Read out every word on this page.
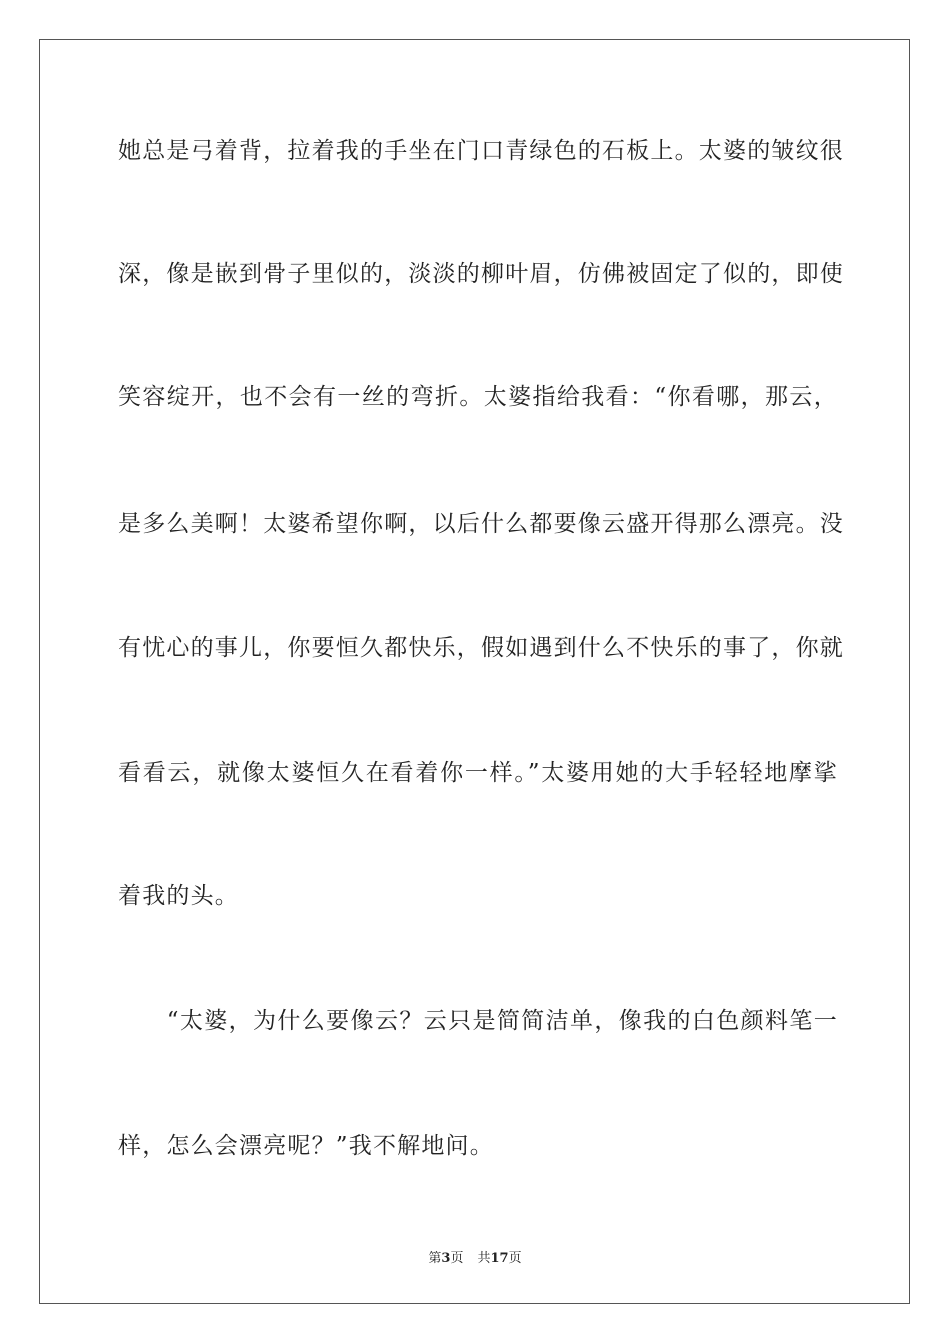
她总是弓着背，拉着我的手坐在门口青绿色的石板上。太婆的皱纹很

深，像是嵌到骨子里似的，淡淡的柳叶眉，仿佛被固定了似的，即使

笑容绽开，也不会有一丝的弯折。太婆指给我看：“你看哪，那云，

是多么美啊！太婆希望你啊，以后什么都要像云盛开得那么漂亮。没

有忧心的事儿，你要恒久都快乐，假如遇到什么不快乐的事了，你就

看看云，就像太婆恒久在看着你一样。”太婆用她的大手轻轻地摩挲

着我的头。

　　“太婆，为什么要像云？云只是简简洁单，像我的白色颜料笔一

样，怎么会漂亮呢？”我不解地问。

第3页 共17页
